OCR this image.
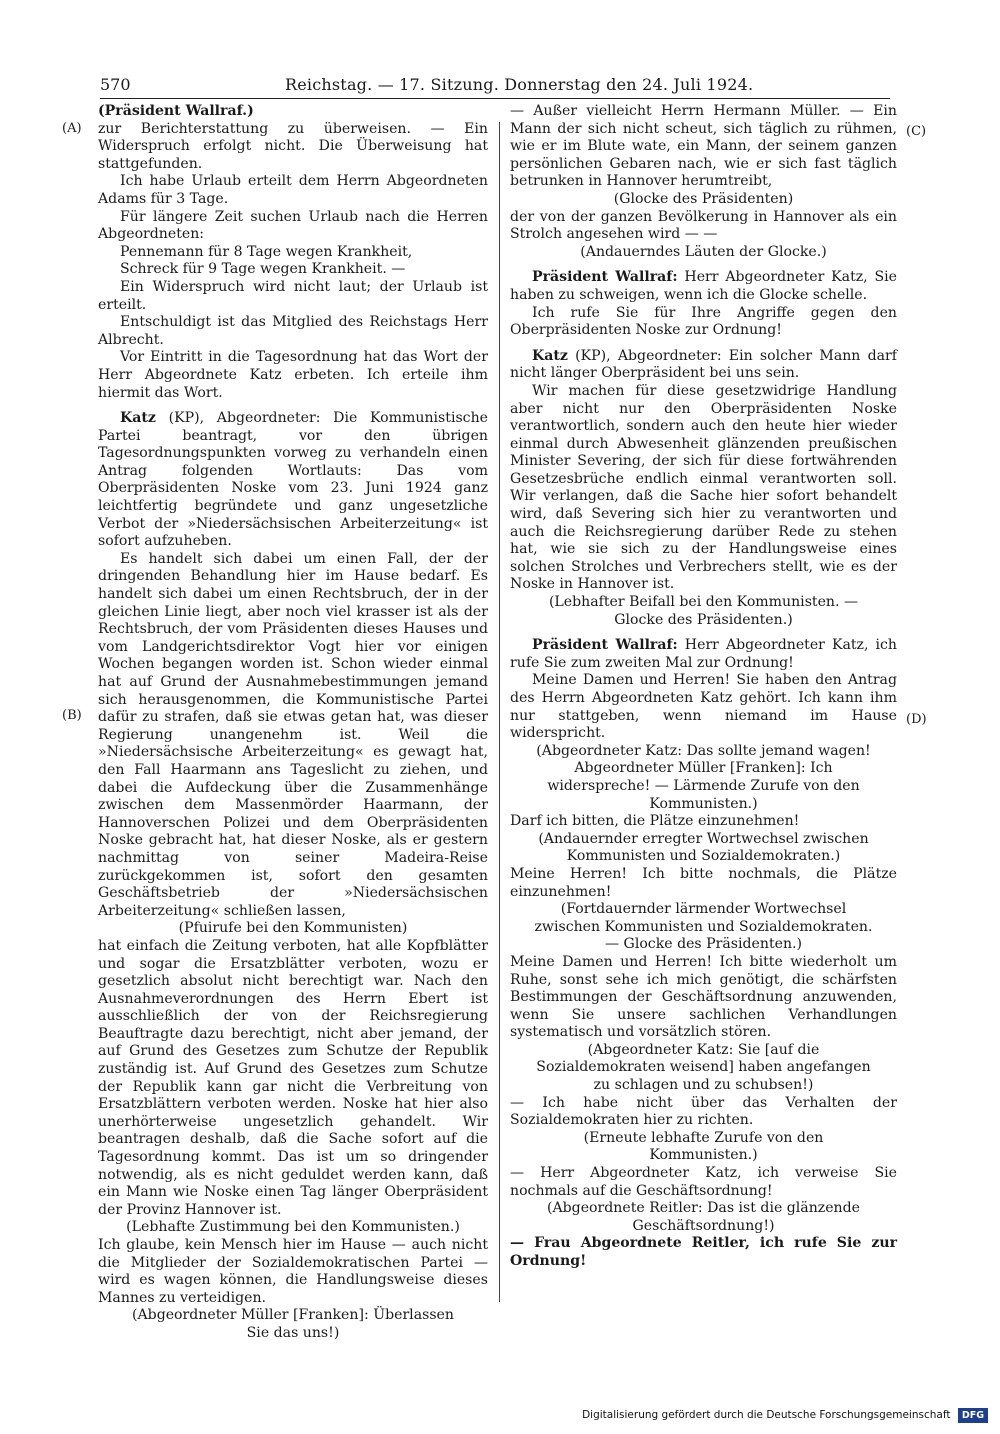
570	Reichstag. — 17. Sitzung. Donnerstag den 24. Juli 1924.
(A)
(B)
(C)
(D)

(Präsident Wallraf.)

zur Berichterstattung zu überweisen. — Ein Widerspruch erfolgt nicht. Die Überweisung hat stattgefunden.

Ich habe Urlaub erteilt dem Herrn Abgeordneten Adams für 3 Tage.

Für längere Zeit suchen Urlaub nach die Herren Abgeordneten:

Pennemann für 8 Tage wegen Krankheit,

Schreck für 9 Tage wegen Krankheit. —

Ein Widerspruch wird nicht laut; der Urlaub ist erteilt.

Entschuldigt ist das Mitglied des Reichstags Herr Albrecht.

Vor Eintritt in die Tagesordnung hat das Wort der Herr Abgeordnete Katz erbeten. Ich erteile ihm hiermit das Wort.

Katz (KP), Abgeordneter: Die Kommunistische Partei beantragt, vor den übrigen Tagesordnungspunkten vorweg zu verhandeln einen Antrag folgenden Wortlauts: Das vom Oberpräsidenten Noske vom 23. Juni 1924 ganz leichtfertig begründete und ganz ungesetzliche Verbot der »Niedersächsischen Arbeiterzeitung« ist sofort aufzuheben.

Es handelt sich dabei um einen Fall, der der dringenden Behandlung hier im Hause bedarf. Es handelt sich dabei um einen Rechtsbruch, der in der gleichen Linie liegt, aber noch viel krasser ist als der Rechtsbruch, der vom Präsidenten dieses Hauses und vom Landgerichtsdirektor Vogt hier vor einigen Wochen begangen worden ist. Schon wieder einmal hat auf Grund der Ausnahmebestimmungen jemand sich herausgenommen, die Kommunistische Partei dafür zu strafen, daß sie etwas getan hat, was dieser Regierung unangenehm ist. Weil die »Niedersächsische Arbeiterzeitung« es gewagt hat, den Fall Haarmann ans Tageslicht zu ziehen, und dabei die Aufdeckung über die Zusammenhänge zwischen dem Massenmörder Haarmann, der Hannoverschen Polizei und dem Oberpräsidenten Noske gebracht hat, hat dieser Noske, als er gestern nachmittag von seiner Madeira-Reise zurückgekommen ist, sofort den gesamten Geschäftsbetrieb der »Niedersächsischen Arbeiterzeitung« schließen lassen,

(Pfuirufe bei den Kommunisten)

hat einfach die Zeitung verboten, hat alle Kopfblätter und sogar die Ersatzblätter verboten, wozu er gesetzlich absolut nicht berechtigt war. Nach den Ausnahmeverordnungen des Herrn Ebert ist ausschließlich der von der Reichsregierung Beauftragte dazu berechtigt, nicht aber jemand, der auf Grund des Gesetzes zum Schutze der Republik zuständig ist. Auf Grund des Gesetzes zum Schutze der Republik kann gar nicht die Verbreitung von Ersatzblättern verboten werden. Noske hat hier also unerhörterweise ungesetzlich gehandelt. Wir beantragen deshalb, daß die Sache sofort auf die Tagesordnung kommt. Das ist um so dringender notwendig, als es nicht geduldet werden kann, daß ein Mann wie Noske einen Tag länger Oberpräsident der Provinz Hannover ist.

(Lebhafte Zustimmung bei den Kommunisten.)

Ich glaube, kein Mensch hier im Hause — auch nicht die Mitglieder der Sozialdemokratischen Partei — wird es wagen können, die Handlungsweise dieses Mannes zu verteidigen.

(Abgeordneter Müller [Franken]: Überlassen Sie das uns!)

— Außer vielleicht Herrn Hermann Müller. — Ein Mann der sich nicht scheut, sich täglich zu rühmen, wie er im Blute wate, ein Mann, der seinem ganzen persönlichen Gebaren nach, wie er sich fast täglich betrunken in Hannover herumtreibt,

(Glocke des Präsidenten)

der von der ganzen Bevölkerung in Hannover als ein Strolch angesehen wird — —

(Andauerndes Läuten der Glocke.)

Präsident Wallraf: Herr Abgeordneter Katz, Sie haben zu schweigen, wenn ich die Glocke schelle.

Ich rufe Sie für Ihre Angriffe gegen den Oberpräsidenten Noske zur Ordnung!

Katz (KP), Abgeordneter: Ein solcher Mann darf nicht länger Oberpräsident bei uns sein.

Wir machen für diese gesetzwidrige Handlung aber nicht nur den Oberpräsidenten Noske verantwortlich, sondern auch den heute hier wieder einmal durch Abwesenheit glänzenden preußischen Minister Severing, der sich für diese fortwährenden Gesetzesbrüche endlich einmal verantworten soll. Wir verlangen, daß die Sache hier sofort behandelt wird, daß Severing sich hier zu verantworten und auch die Reichsregierung darüber Rede zu stehen hat, wie sie sich zu der Handlungsweise eines solchen Strolches und Verbrechers stellt, wie es der Noske in Hannover ist.

(Lebhafter Beifall bei den Kommunisten. — Glocke des Präsidenten.)

Präsident Wallraf: Herr Abgeordneter Katz, ich rufe Sie zum zweiten Mal zur Ordnung!

Meine Damen und Herren! Sie haben den Antrag des Herrn Abgeordneten Katz gehört. Ich kann ihm nur stattgeben, wenn niemand im Hause widerspricht.

(Abgeordneter Katz: Das sollte jemand wagen! Abgeordneter Müller [Franken]: Ich widerspreche! — Lärmende Zurufe von den Kommunisten.)

Darf ich bitten, die Plätze einzunehmen!

(Andauernder erregter Wortwechsel zwischen Kommunisten und Sozialdemokraten.)

Meine Herren! Ich bitte nochmals, die Plätze einzunehmen!

(Fortdauernder lärmender Wortwechsel zwischen Kommunisten und Sozialdemokraten. — Glocke des Präsidenten.)

Meine Damen und Herren! Ich bitte wiederholt um Ruhe, sonst sehe ich mich genötigt, die schärfsten Bestimmungen der Geschäftsordnung anzuwenden, wenn Sie unsere sachlichen Verhandlungen systematisch und vorsätzlich stören.

(Abgeordneter Katz: Sie [auf die Sozialdemokraten weisend] haben angefangen zu schlagen und zu schubsen!)

— Ich habe nicht über das Verhalten der Sozialdemokraten hier zu richten.

(Erneute lebhafte Zurufe von den Kommunisten.)

— Herr Abgeordneter Katz, ich verweise Sie nochmals auf die Geschäftsordnung!

(Abgeordnete Reitler: Das ist die glänzende Geschäftsordnung!)

— Frau Abgeordnete Reitler, ich rufe Sie zur Ordnung!

Digitalisierung gefördert durch die Deutsche Forschungsgemeinschaft DFG
